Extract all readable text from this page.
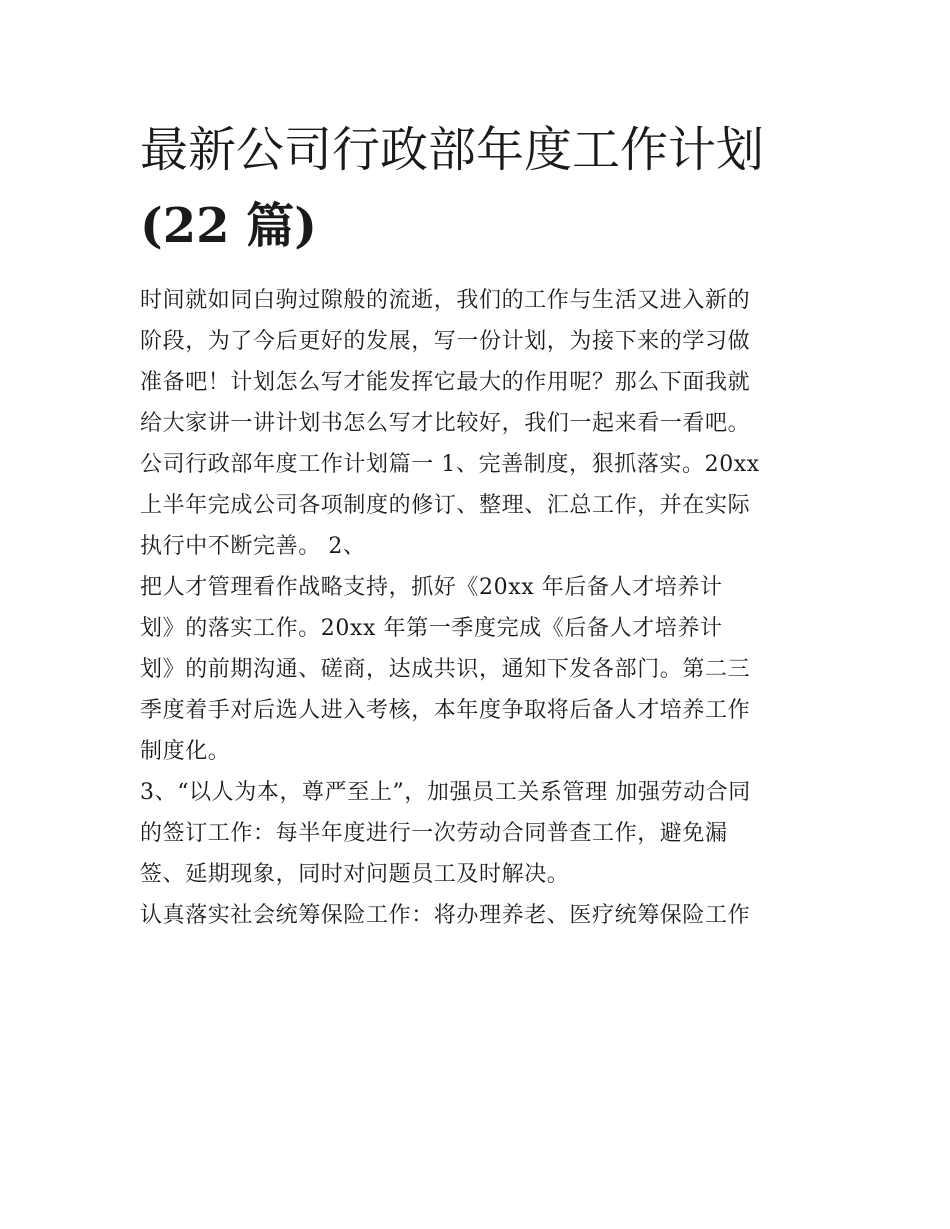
最新公司行政部年度工作计划
(22 篇)
时间就如同白驹过隙般的流逝，我们的工作与生活又进入新的
阶段，为了今后更好的发展，写一份计划，为接下来的学习做
准备吧！计划怎么写才能发挥它最大的作用呢？那么下面我就
给大家讲一讲计划书怎么写才比较好，我们一起来看一看吧。
公司行政部年度工作计划篇一 1、完善制度，狠抓落实。20xx
上半年完成公司各项制度的修订、整理、汇总工作，并在实际
执行中不断完善。 2、
把人才管理看作战略支持，抓好《20xx 年后备人才培养计
划》的落实工作。20xx 年第一季度完成《后备人才培养计
划》的前期沟通、磋商，达成共识，通知下发各部门。第二三
季度着手对后选人进入考核，本年度争取将后备人才培养工作
制度化。
3、“以人为本，尊严至上”，加强员工关系管理 加强劳动合同
的签订工作：每半年度进行一次劳动合同普查工作，避免漏
签、延期现象，同时对问题员工及时解决。
认真落实社会统筹保险工作：将办理养老、医疗统筹保险工作
